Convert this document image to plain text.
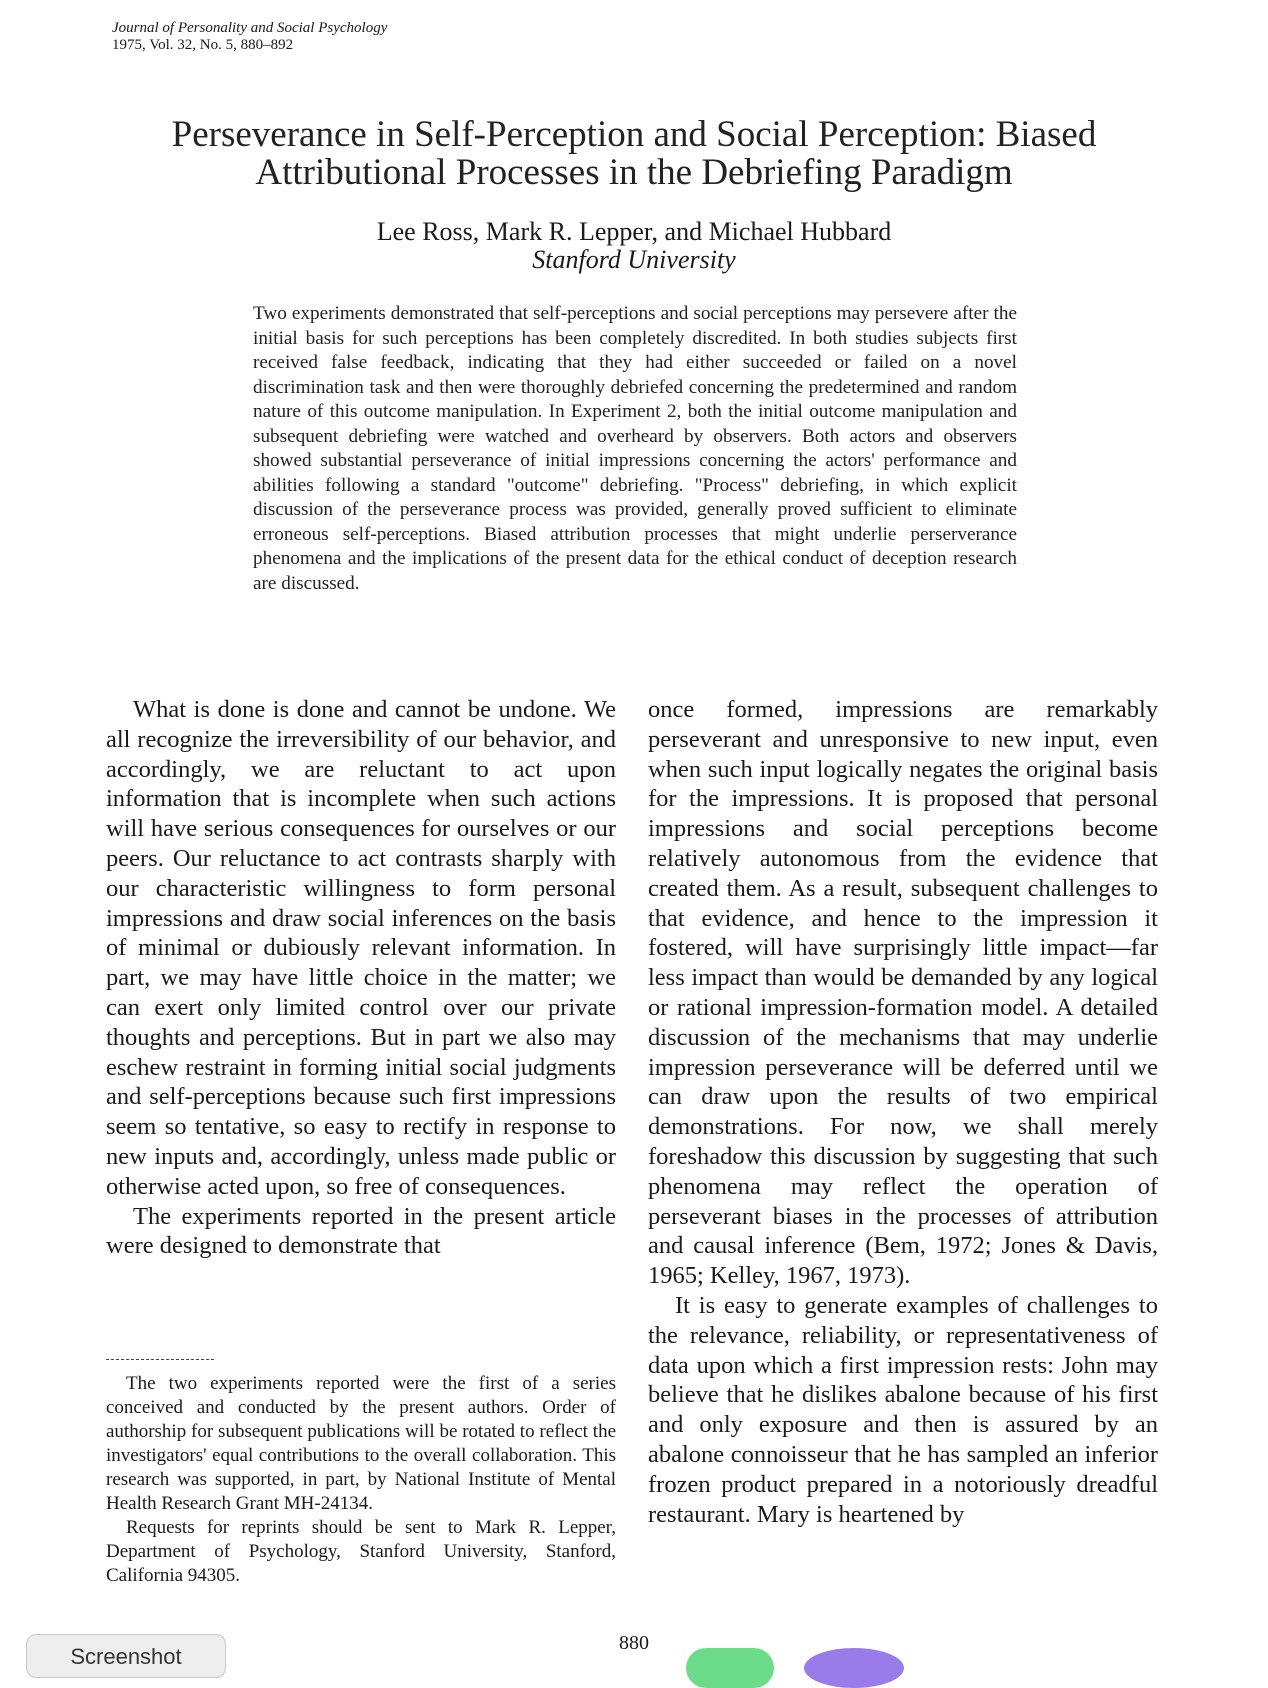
Journal of Personality and Social Psychology
1975, Vol. 32, No. 5, 880–892
Perseverance in Self-Perception and Social Perception: Biased
Attributional Processes in the Debriefing Paradigm
Lee Ross, Mark R. Lepper, and Michael Hubbard
Stanford University
Two experiments demonstrated that self-perceptions and social perceptions may persevere after the initial basis for such perceptions has been completely discredited. In both studies subjects first received false feedback, indicating that they had either succeeded or failed on a novel discrimination task and then were thoroughly debriefed concerning the predetermined and random nature of this outcome manipulation. In Experiment 2, both the initial outcome manipulation and subsequent debriefing were watched and overheard by observers. Both actors and observers showed substantial perseverance of initial impressions concerning the actors' performance and abilities following a standard "outcome" debriefing. "Process" debriefing, in which explicit discussion of the perseverance process was provided, generally proved sufficient to eliminate erroneous self-perceptions. Biased attribution processes that might underlie perserverance phenomena and the implications of the present data for the ethical conduct of deception research are discussed.

What is done is done and cannot be undone. We all recognize the irreversibility of our behavior, and accordingly, we are reluctant to act upon information that is incomplete when such actions will have serious consequences for ourselves or our peers. Our reluctance to act contrasts sharply with our characteristic willingness to form personal impressions and draw social inferences on the basis of minimal or dubiously relevant information. In part, we may have little choice in the matter; we can exert only limited control over our private thoughts and perceptions. But in part we also may eschew restraint in forming initial social judgments and self-perceptions because such first impressions seem so tentative, so easy to rectify in response to new inputs and, accordingly, unless made public or otherwise acted upon, so free of consequences.

The experiments reported in the present article were designed to demonstrate that

The two experiments reported were the first of a series conceived and conducted by the present authors. Order of authorship for subsequent publications will be rotated to reflect the investigators' equal contributions to the overall collaboration. This research was supported, in part, by National Institute of Mental Health Research Grant MH-24134.

Requests for reprints should be sent to Mark R. Lepper, Department of Psychology, Stanford University, Stanford, California 94305.

once formed, impressions are remarkably perseverant and unresponsive to new input, even when such input logically negates the original basis for the impressions. It is proposed that personal impressions and social perceptions become relatively autonomous from the evidence that created them. As a result, subsequent challenges to that evidence, and hence to the impression it fostered, will have surprisingly little impact—far less impact than would be demanded by any logical or rational impression-formation model. A detailed discussion of the mechanisms that may underlie impression perseverance will be deferred until we can draw upon the results of two empirical demonstrations. For now, we shall merely foreshadow this discussion by suggesting that such phenomena may reflect the operation of perseverant biases in the processes of attribution and causal inference (Bem, 1972; Jones & Davis, 1965; Kelley, 1967, 1973).

It is easy to generate examples of challenges to the relevance, reliability, or representativeness of data upon which a first impression rests: John may believe that he dislikes abalone because of his first and only exposure and then is assured by an abalone connoisseur that he has sampled an inferior frozen product prepared in a notoriously dreadful restaurant. Mary is heartened by

880
Screenshot
